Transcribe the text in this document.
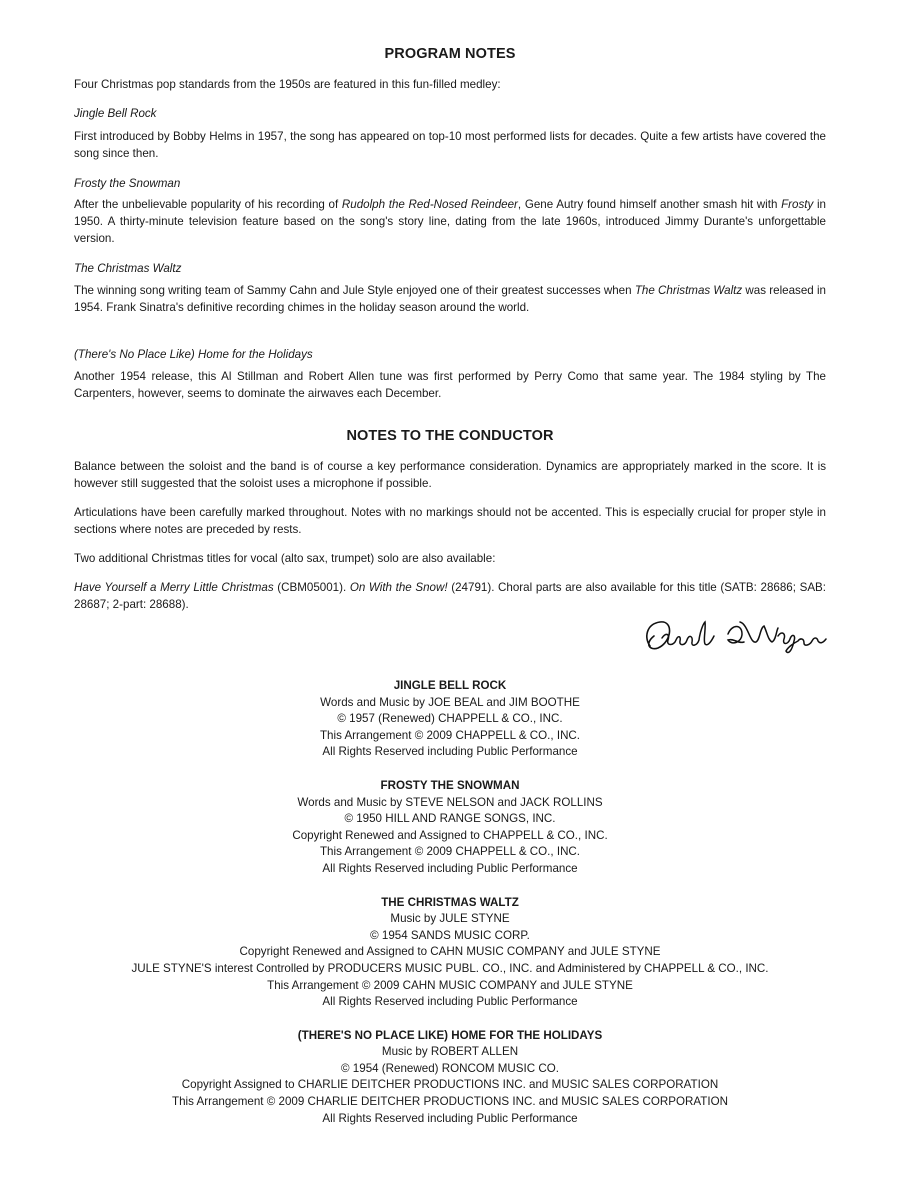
PROGRAM NOTES

Four Christmas pop standards from the 1950s are featured in this fun-filled medley:

Jingle Bell Rock

First introduced by Bobby Helms in 1957, the song has appeared on top-10 most performed lists for decades. Quite a few artists have covered the song since then.

Frosty the Snowman

After the unbelievable popularity of his recording of Rudolph the Red-Nosed Reindeer, Gene Autry found himself another smash hit with Frosty in 1950. A thirty-minute television feature based on the song's story line, dating from the late 1960s, introduced Jimmy Durante's unforgettable version.

The Christmas Waltz

The winning song writing team of Sammy Cahn and Jule Style enjoyed one of their greatest successes when The Christmas Waltz was released in 1954. Frank Sinatra's definitive recording chimes in the holiday season around the world.

(There's No Place Like) Home for the Holidays

Another 1954 release, this Al Stillman and Robert Allen tune was first performed by Perry Como that same year. The 1984 styling by The Carpenters, however, seems to dominate the airwaves each December.

NOTES TO THE CONDUCTOR

Balance between the soloist and the band is of course a key performance consideration. Dynamics are appropriately marked in the score. It is however still suggested that the soloist uses a microphone if possible.

Articulations have been carefully marked throughout. Notes with no markings should not be accented. This is especially crucial for proper style in sections where notes are preceded by rests.

Two additional Christmas titles for vocal (alto sax, trumpet) solo are also available:

Have Yourself a Merry Little Christmas (CBM05001). On With the Snow! (24791). Choral parts are also available for this title (SATB: 28686; SAB: 28687; 2-part: 28688).

JINGLE BELL ROCK
Words and Music by JOE BEAL and JIM BOOTHE
© 1957 (Renewed) CHAPPELL & CO., INC.
This Arrangement © 2009 CHAPPELL & CO., INC.
All Rights Reserved including Public Performance
FROSTY THE SNOWMAN
Words and Music by STEVE NELSON and JACK ROLLINS
© 1950 HILL AND RANGE SONGS, INC.
Copyright Renewed and Assigned to CHAPPELL & CO., INC.
This Arrangement © 2009 CHAPPELL & CO., INC.
All Rights Reserved including Public Performance
THE CHRISTMAS WALTZ
Music by JULE STYNE
© 1954 SANDS MUSIC CORP.
Copyright Renewed and Assigned to CAHN MUSIC COMPANY and JULE STYNE
JULE STYNE'S interest Controlled by PRODUCERS MUSIC PUBL. CO., INC. and Administered by CHAPPELL & CO., INC.
This Arrangement © 2009 CAHN MUSIC COMPANY and JULE STYNE
All Rights Reserved including Public Performance
(THERE'S NO PLACE LIKE) HOME FOR THE HOLIDAYS
Music by ROBERT ALLEN
© 1954 (Renewed) RONCOM MUSIC CO.
Copyright Assigned to CHARLIE DEITCHER PRODUCTIONS INC. and MUSIC SALES CORPORATION
This Arrangement © 2009 CHARLIE DEITCHER PRODUCTIONS INC. and MUSIC SALES CORPORATION
All Rights Reserved including Public Performance
